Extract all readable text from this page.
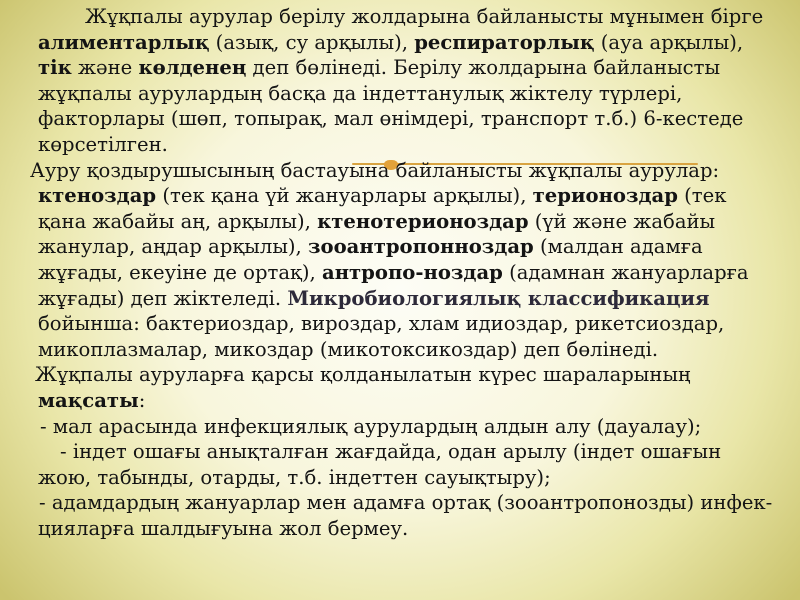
Жұқпалы аурулар берілу жолдарына байланысты мұнымен бірге алиментарлық (азық, су арқылы), респираторлық (ауа арқылы), тік және көлденең деп бөлінеді. Берілу жолдарына байланысты жұқпалы аурулардың басқа да індеттанулық жіктелу түрлері, факторлары (шөп, топырақ, мал өнімдері, транспорт т.б.) 6-кестеде көрсетілген.

Ауру қоздырушысының бастауына байланысты жұқпалы аурулар: ктеноздар (тек қана үй жануарлары арқылы), терионоздар (тек қана жабайы аң, арқылы), ктенотерионоздар (үй және жабайы жанулар, аңдар арқылы), зооантропонноздар (малдан адамға жұғады, екеуіне де ортақ), антропо-ноздар (адамнан жануарларға жұғады) деп жіктеледі. Микробиологиялық классификация бойынша: бактериоздар, вироздар, хлам идиоздар, рикетсиоздар, микоплазмалар, микоздар (микотоксикоздар) деп бөлінеді.

Жұқпалы ауруларға қарсы қолданылатын күрес шараларының мақсаты:

- мал арасында инфекциялық аурулардың алдын алу (дауалау);

- індет ошағы анықталған жағдайда, одан арылу (індет ошағын жою, табынды, отарды, т.б. індеттен сауықтыру);

- адамдардың жануарлар мен адамға ортақ (зооантропонозды) инфек-цияларға шалдығуына жол бермеу.
